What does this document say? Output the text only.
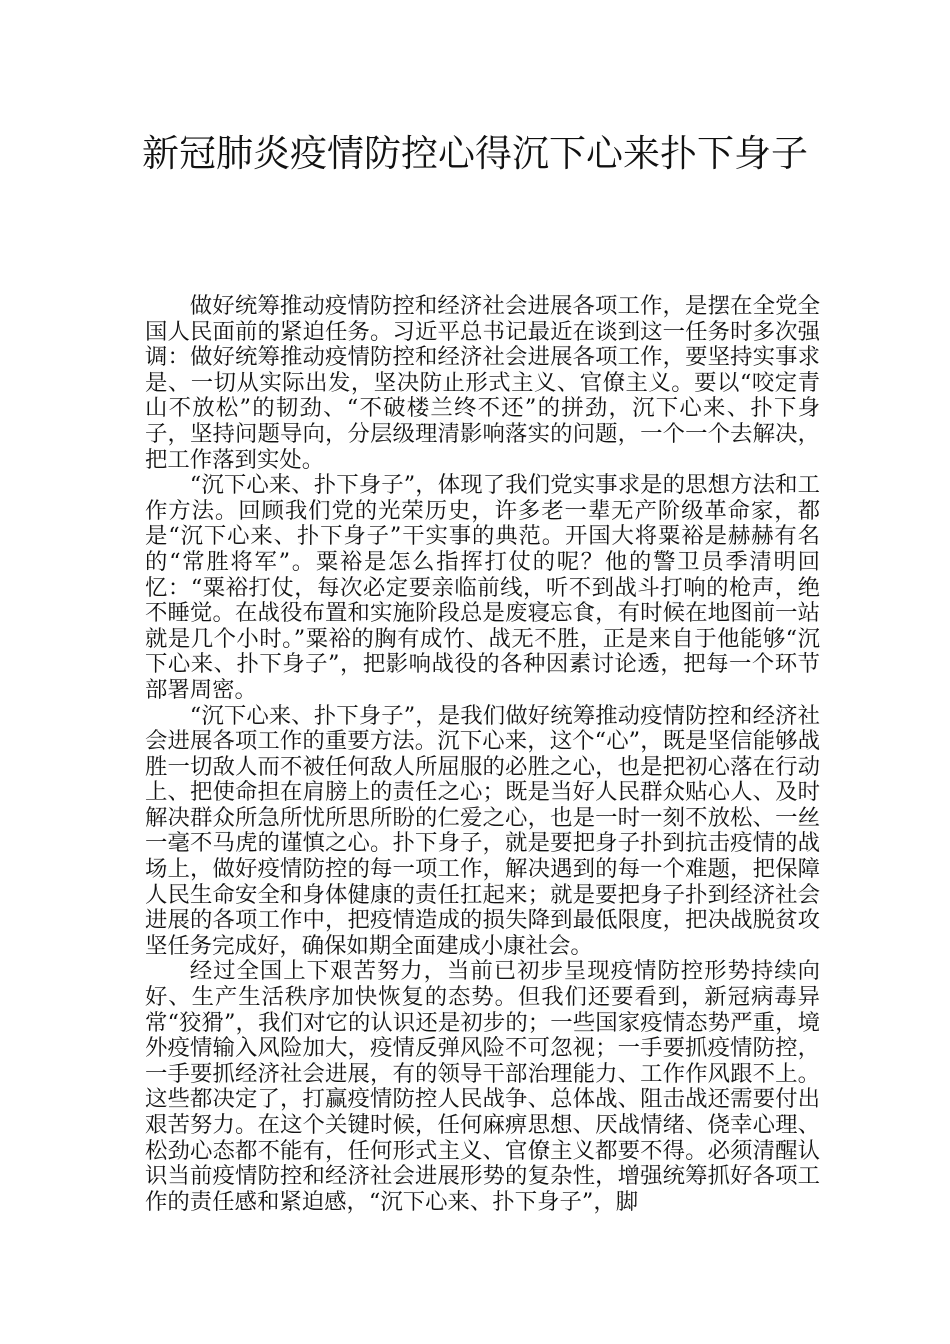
新冠肺炎疫情防控心得沉下心来扑下身子

做好统筹推动疫情防控和经济社会进展各项工作，是摆在全党全国人民面前的紧迫任务。习近平总书记最近在谈到这一任务时多次强调：做好统筹推动疫情防控和经济社会进展各项工作，要坚持实事求是、一切从实际出发，坚决防止形式主义、官僚主义。要以“咬定青山不放松”的韧劲、“不破楼兰终不还”的拼劲，沉下心来、扑下身子，坚持问题导向，分层级理清影响落实的问题，一个一个去解决，把工作落到实处。

“沉下心来、扑下身子”，体现了我们党实事求是的思想方法和工作方法。回顾我们党的光荣历史，许多老一辈无产阶级革命家，都是“沉下心来、扑下身子”干实事的典范。开国大将粟裕是赫赫有名的“常胜将军”。粟裕是怎么指挥打仗的呢？他的警卫员季清明回忆：“粟裕打仗，每次必定要亲临前线，听不到战斗打响的枪声，绝不睡觉。在战役布置和实施阶段总是废寝忘食，有时候在地图前一站就是几个小时。”粟裕的胸有成竹、战无不胜，正是来自于他能够“沉下心来、扑下身子”，把影响战役的各种因素讨论透，把每一个环节部署周密。

“沉下心来、扑下身子”，是我们做好统筹推动疫情防控和经济社会进展各项工作的重要方法。沉下心来，这个“心”，既是坚信能够战胜一切敌人而不被任何敌人所屈服的必胜之心，也是把初心落在行动上、把使命担在肩膀上的责任之心；既是当好人民群众贴心人、及时解决群众所急所忧所思所盼的仁爱之心，也是一时一刻不放松、一丝一毫不马虎的谨慎之心。扑下身子，就是要把身子扑到抗击疫情的战场上，做好疫情防控的每一项工作，解决遇到的每一个难题，把保障人民生命安全和身体健康的责任扛起来；就是要把身子扑到经济社会进展的各项工作中，把疫情造成的损失降到最低限度，把决战脱贫攻坚任务完成好，确保如期全面建成小康社会。

经过全国上下艰苦努力，当前已初步呈现疫情防控形势持续向好、生产生活秩序加快恢复的态势。但我们还要看到，新冠病毒异常“狡猾”，我们对它的认识还是初步的；一些国家疫情态势严重，境外疫情输入风险加大，疫情反弹风险不可忽视；一手要抓疫情防控，一手要抓经济社会进展，有的领导干部治理能力、工作作风跟不上。这些都决定了，打赢疫情防控人民战争、总体战、阻击战还需要付出艰苦努力。在这个关键时候，任何麻痹思想、厌战情绪、侥幸心理、松劲心态都不能有，任何形式主义、官僚主义都要不得。必须清醒认识当前疫情防控和经济社会进展形势的复杂性，增强统筹抓好各项工作的责任感和紧迫感，“沉下心来、扑下身子”，脚
